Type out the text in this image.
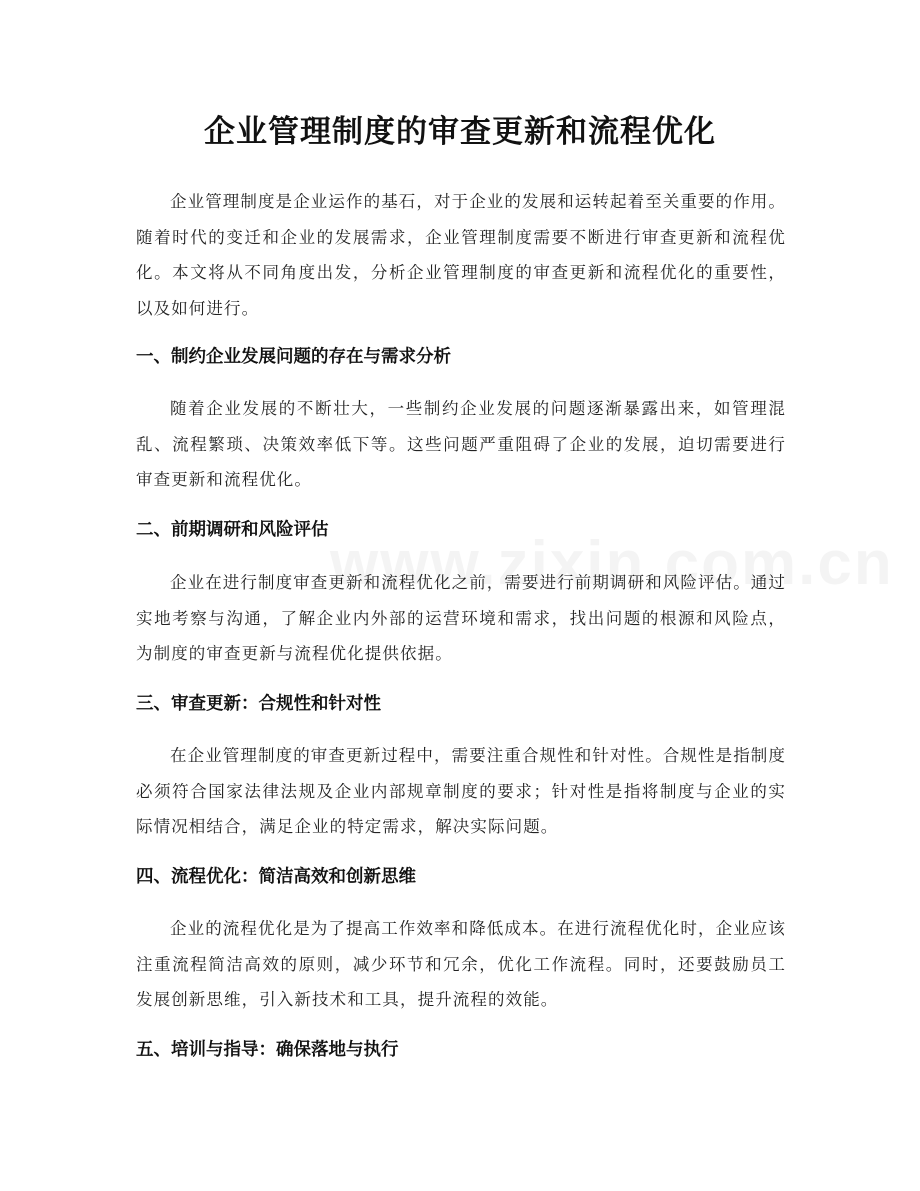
企业管理制度的审查更新和流程优化

企业管理制度是企业运作的基石，对于企业的发展和运转起着至关重要的作用。随着时代的变迁和企业的发展需求，企业管理制度需要不断进行审查更新和流程优化。本文将从不同角度出发，分析企业管理制度的审查更新和流程优化的重要性，以及如何进行。

一、制约企业发展问题的存在与需求分析

随着企业发展的不断壮大，一些制约企业发展的问题逐渐暴露出来，如管理混乱、流程繁琐、决策效率低下等。这些问题严重阻碍了企业的发展，迫切需要进行审查更新和流程优化。

二、前期调研和风险评估

企业在进行制度审查更新和流程优化之前，需要进行前期调研和风险评估。通过实地考察与沟通，了解企业内外部的运营环境和需求，找出问题的根源和风险点，为制度的审查更新与流程优化提供依据。

三、审查更新：合规性和针对性

在企业管理制度的审查更新过程中，需要注重合规性和针对性。合规性是指制度必须符合国家法律法规及企业内部规章制度的要求；针对性是指将制度与企业的实际情况相结合，满足企业的特定需求，解决实际问题。

四、流程优化：简洁高效和创新思维

企业的流程优化是为了提高工作效率和降低成本。在进行流程优化时，企业应该注重流程简洁高效的原则，减少环节和冗余，优化工作流程。同时，还要鼓励员工发展创新思维，引入新技术和工具，提升流程的效能。

五、培训与指导：确保落地与执行
